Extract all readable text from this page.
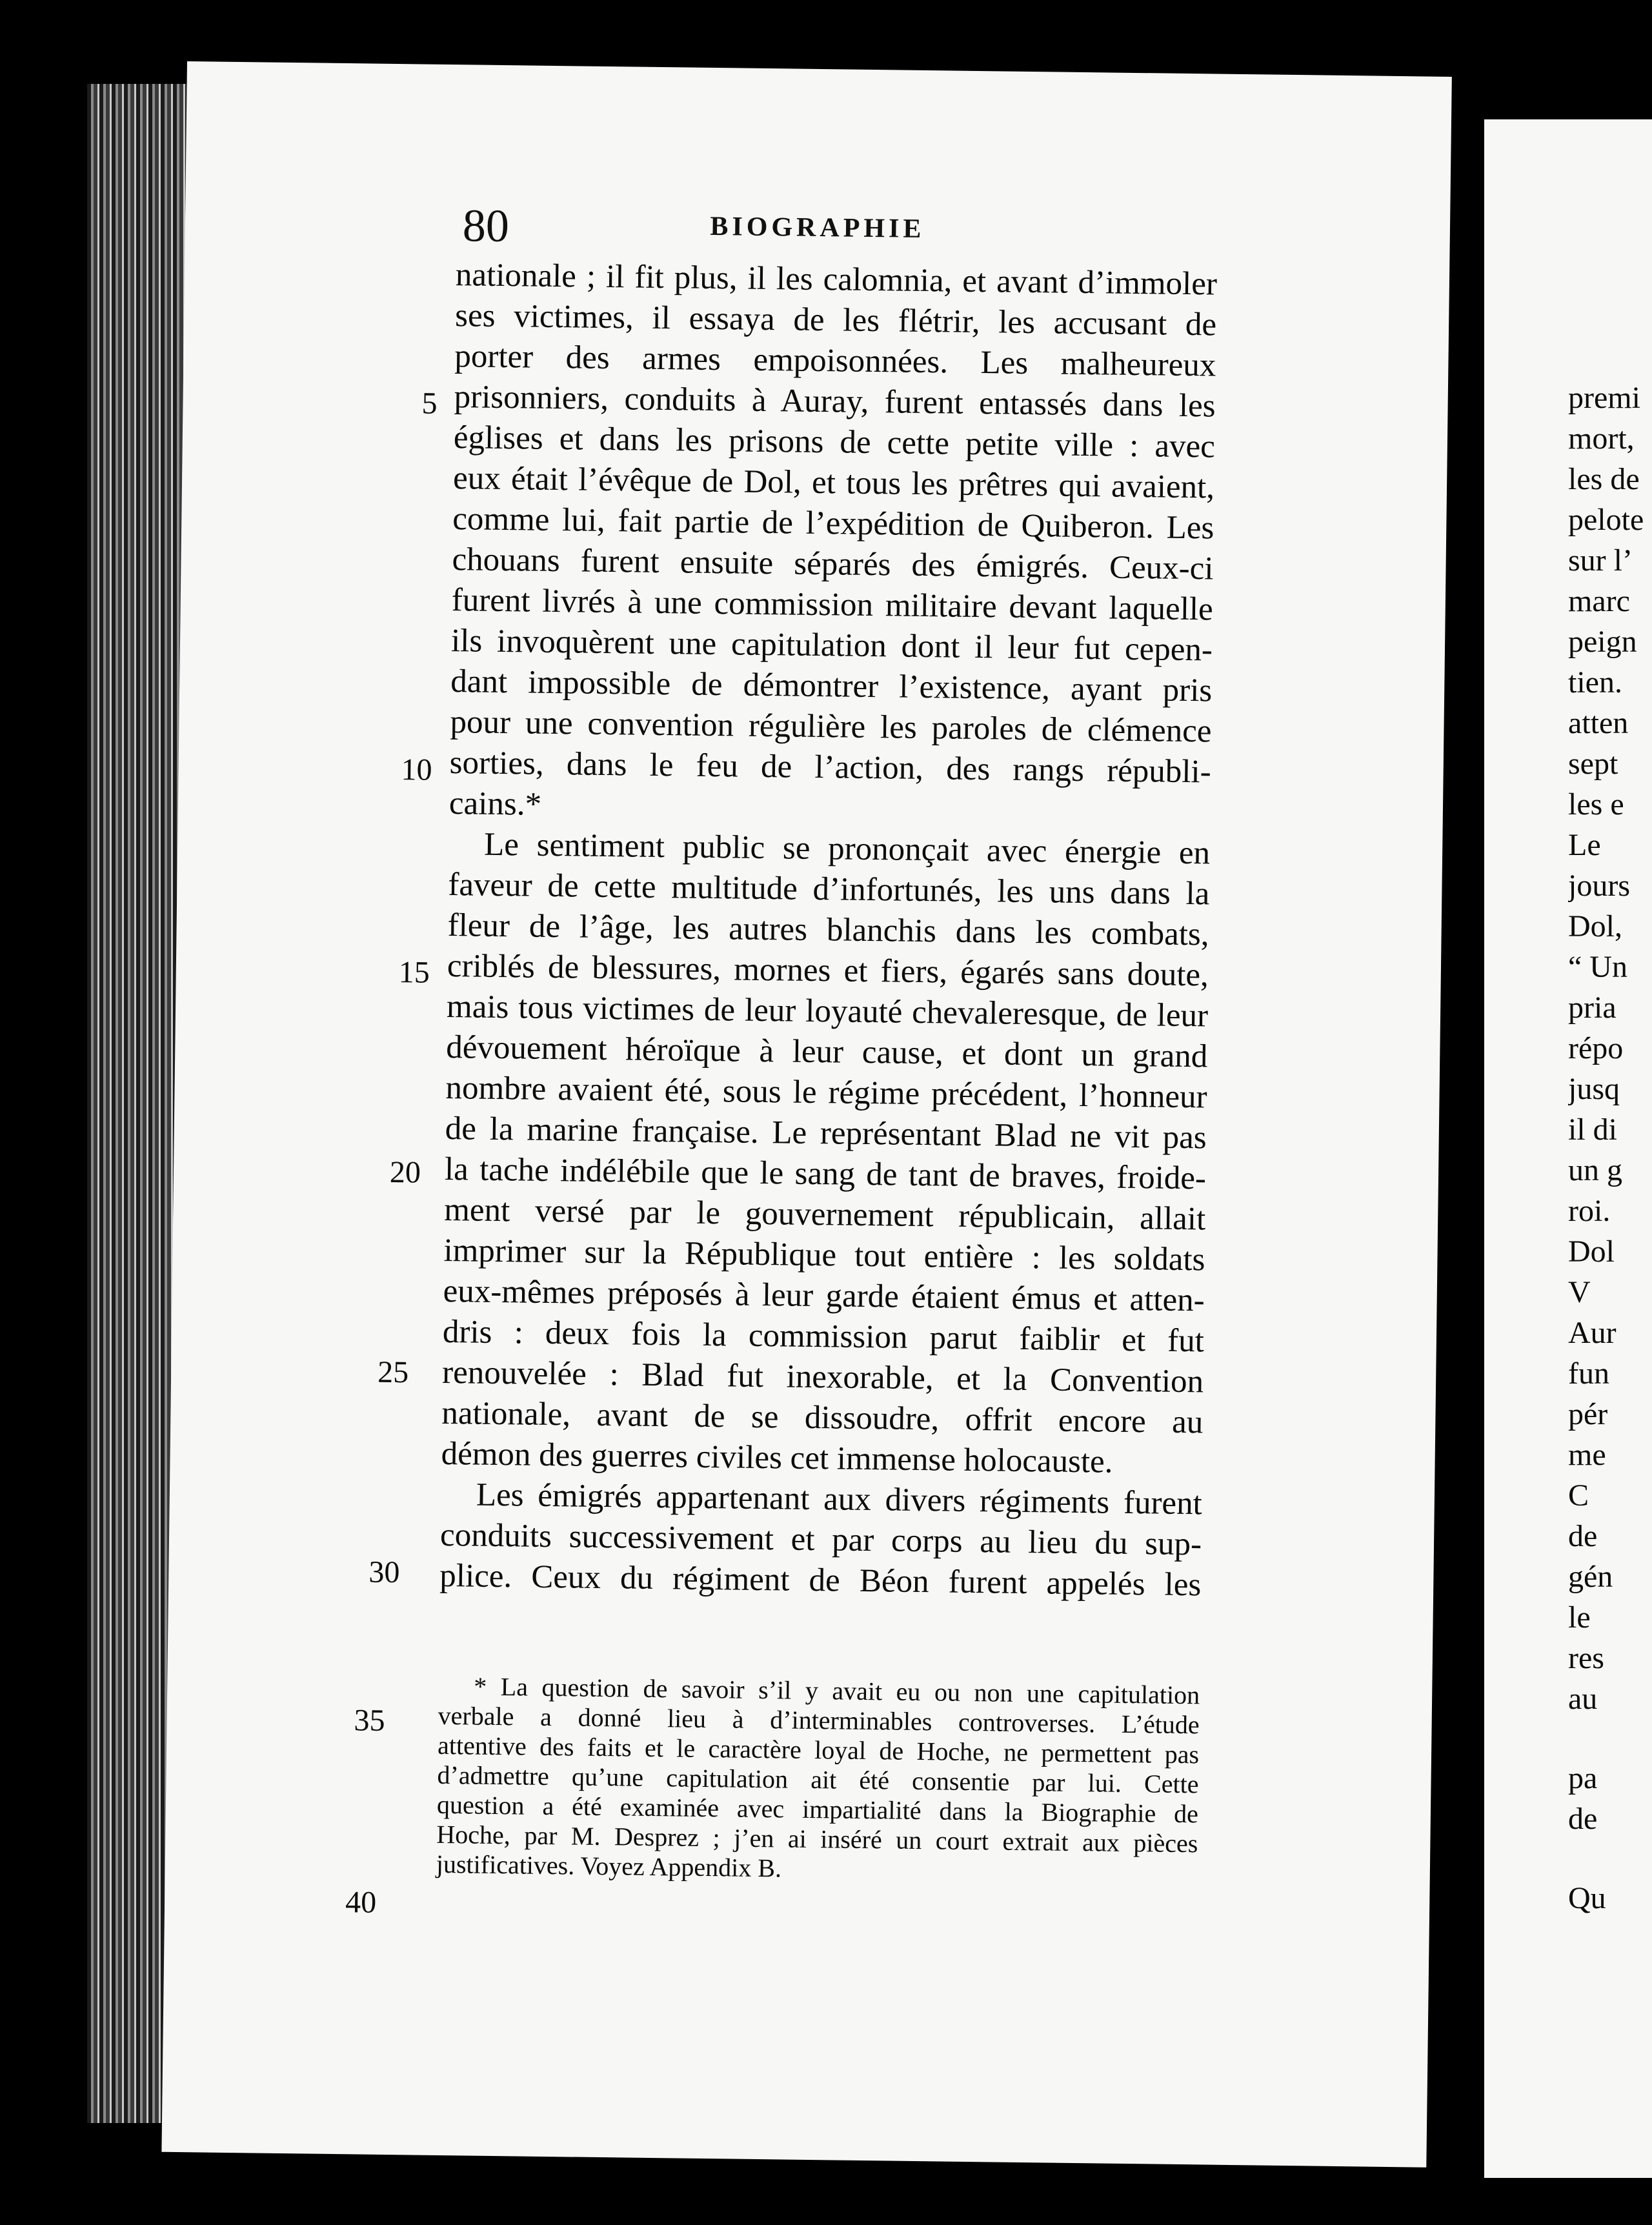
80	BIOGRAPHIE
5
10
15
20
25
30
35
40
nationale ; il fit plus, il les calomnia, et avant d’immoler
ses victimes, il essaya de les flétrir, les accusant de
porter des armes empoisonnées. Les malheureux
prisonniers, conduits à Auray, furent entassés dans les
églises et dans les prisons de cette petite ville : avec
eux était l’évêque de Dol, et tous les prêtres qui avaient,
comme lui, fait partie de l’expédition de Quiberon. Les
chouans furent ensuite séparés des émigrés. Ceux-ci
furent livrés à une commission militaire devant laquelle
ils invoquèrent une capitulation dont il leur fut cepen-
dant impossible de démontrer l’existence, ayant pris
pour une convention régulière les paroles de clémence
sorties, dans le feu de l’action, des rangs républi-
cains.*
Le sentiment public se prononçait avec énergie en
faveur de cette multitude d’infortunés, les uns dans la
fleur de l’âge, les autres blanchis dans les combats,
criblés de blessures, mornes et fiers, égarés sans doute,
mais tous victimes de leur loyauté chevaleresque, de leur
dévouement héroïque à leur cause, et dont un grand
nombre avaient été, sous le régime précédent, l’honneur
de la marine française. Le représentant Blad ne vit pas
la tache indélébile que le sang de tant de braves, froide-
ment versé par le gouvernement républicain, allait
imprimer sur la République tout entière : les soldats
eux-mêmes préposés à leur garde étaient émus et atten-
dris : deux fois la commission parut faiblir et fut
renouvelée : Blad fut inexorable, et la Convention
nationale, avant de se dissoudre, offrit encore au
démon des guerres civiles cet immense holocauste.
Les émigrés appartenant aux divers régiments furent
conduits successivement et par corps au lieu du sup-
plice. Ceux du régiment de Béon furent appelés les
* La question de savoir s’il y avait eu ou non une capitulation
verbale a donné lieu à d’interminables controverses. L’étude
attentive des faits et le caractère loyal de Hoche, ne permettent pas
d’admettre qu’une capitulation ait été consentie par lui. Cette
question a été examinée avec impartialité dans la Biographie de
Hoche, par M. Desprez ; j’en ai inséré un court extrait aux pièces
justificatives. Voyez Appendix B.
premi
mort,
les de
pelote
sur l’
marc
peign
tien.
atten
sept
les e
Le
jours
Dol,
“ Un
pria
répo
jusq
il di
un g
roi.
Dol
V
Aur
fun
pér
me
C
de
gén
le
res
au
pa
de
Qu
